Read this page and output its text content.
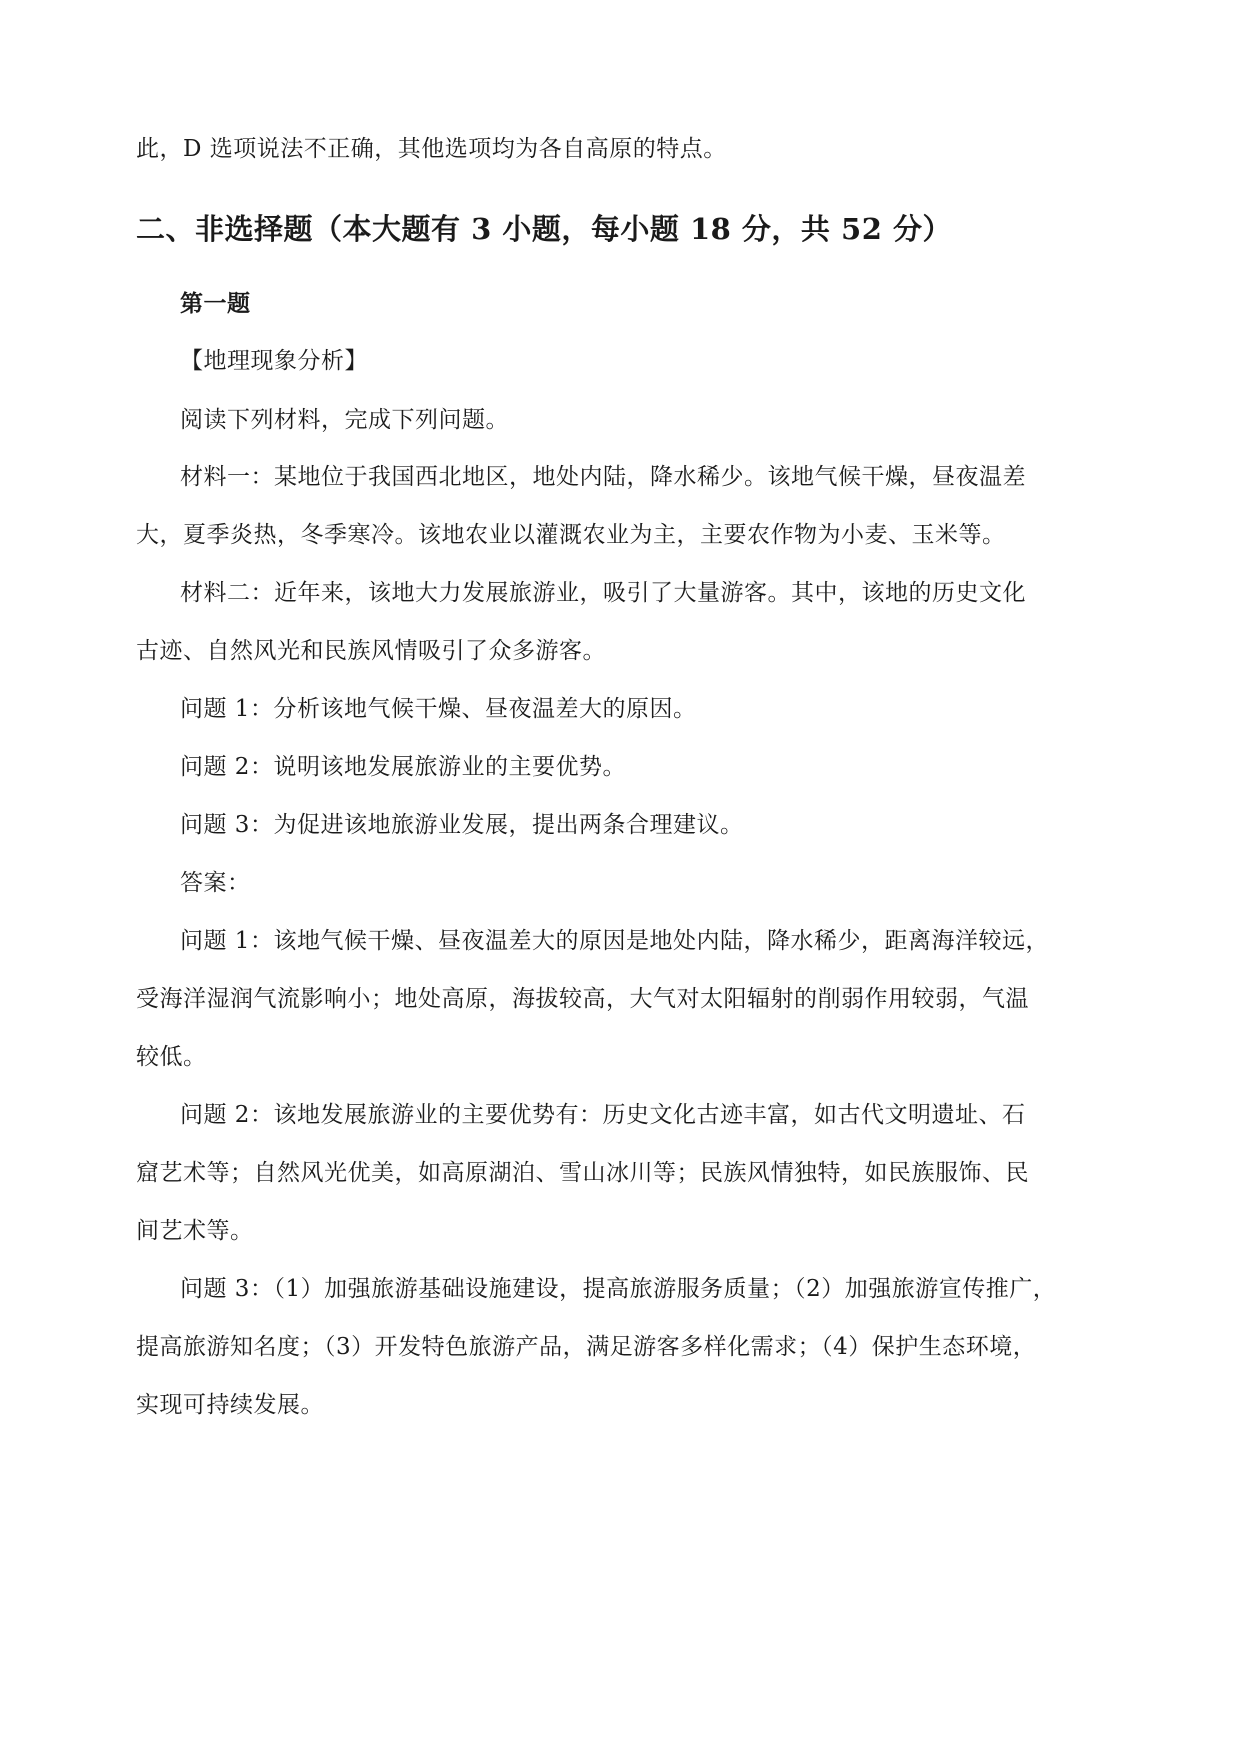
此，D 选项说法不正确，其他选项均为各自高原的特点。
二、非选择题（本大题有 3 小题，每小题 18 分，共 52 分）
第一题
【地理现象分析】
阅读下列材料，完成下列问题。
材料一：某地位于我国西北地区，地处内陆，降水稀少。该地气候干燥，昼夜温差
大，夏季炎热，冬季寒冷。该地农业以灌溉农业为主，主要农作物为小麦、玉米等。
材料二：近年来，该地大力发展旅游业，吸引了大量游客。其中，该地的历史文化
古迹、自然风光和民族风情吸引了众多游客。
问题 1：分析该地气候干燥、昼夜温差大的原因。
问题 2：说明该地发展旅游业的主要优势。
问题 3：为促进该地旅游业发展，提出两条合理建议。
答案：
问题 1：该地气候干燥、昼夜温差大的原因是地处内陆，降水稀少，距离海洋较远，
受海洋湿润气流影响小；地处高原，海拔较高，大气对太阳辐射的削弱作用较弱，气温
较低。
问题 2：该地发展旅游业的主要优势有：历史文化古迹丰富，如古代文明遗址、石
窟艺术等；自然风光优美，如高原湖泊、雪山冰川等；民族风情独特，如民族服饰、民
间艺术等。
问题 3：（1）加强旅游基础设施建设，提高旅游服务质量；（2）加强旅游宣传推广，
提高旅游知名度；（3）开发特色旅游产品，满足游客多样化需求；（4）保护生态环境，
实现可持续发展。
